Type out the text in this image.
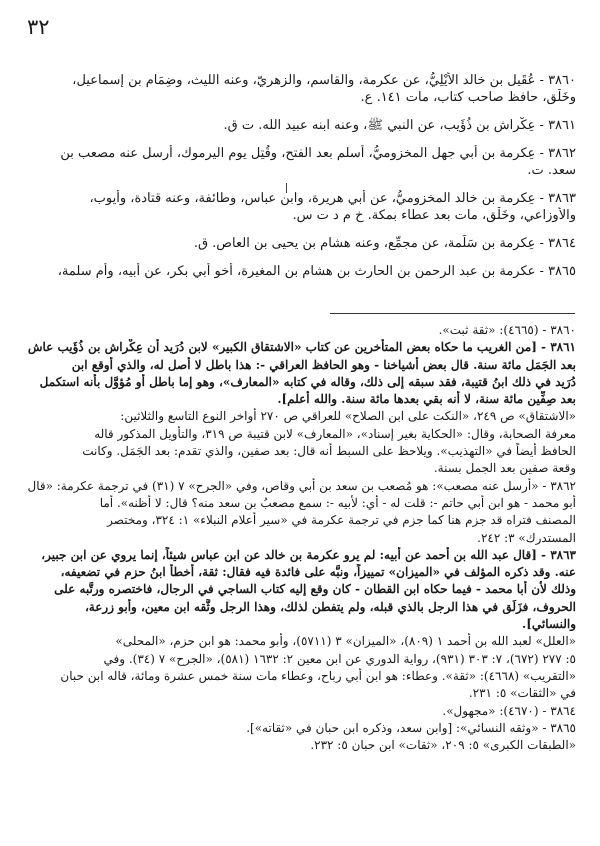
٣٢
٣٨٦٠ - عُقَيل بن خالد الأَيْلِيُّ، عن عكرمة، والقاسم، والزهريّ، وعنه الليث، وضِمَام بن إسماعيل،
وخَلْق، حافظ صاحب كتاب، مات ١٤١. ع.
٣٨٦١ - عِكْراش بن ذُؤَيب، عن النبي ﷺ، وعنه ابنه عبيد الله. ت ق.
٣٨٦٢ - عِكرمة بن أبي جهل المخزوميُّ، أسلم بعد الفتح، وقُتِل يوم اليرموك، أُرسل عنه مصعب بن
سعد. ت.
٣٨٦٣ - عِكرمة بن خالد المخزوميُّ، عن أبي هريرة، وابن عباس، وطائفة، وعنه قتادة، وأيوب،
والأوزاعي، وخَلْق، مات بعد عطاء بمكة. خ م د ت س.
٣٨٦٤ - عِكرمة بن سَلَمة، عن مجمِّع، وعنه هشام بن يحيى بن العاص. ق.
٣٨٦٥ - عكرمة بن عبد الرحمن بن الحارث بن هشام بن المغيرة، أخو أبي بكر، عن أبيه، وأم سلمة،
٣٨٦٠ - (٤٦٦٥): «ثقة ثبت».
٣٨٦١ - [من الغريب ما حكاه بعض المتأخرين عن كتاب «الاشتقاق الكبير» لابن دُرَيد أن عِكْراش بن ذُؤَيب عاش
بعد الجَمَل مائة سنة. قال بعض أشياخنا - وهو الحافظ العراقي -: هذا باطل لا أصل له، والذي أوقع ابن
دُرَيد في ذلك ابنُ قتيبة، فقد سبقه إلى ذلك، وقاله في كتابه «المعارف»، وهو إما باطل أو مُؤوَّل بأنه استكمل
بعد صِفِّين مائة سنة، لا أنه بقي بعدها مائة سنة. والله أعلم].
«الاشتقاق» ص ٢٤٩، «النكت على ابن الصلاح» للعراقي ص ٢٧٠ أواخر النوع التاسع والثلاثين:
معرفة الصحابة، وقال: «الحكاية بغير إسناد»، «المعارف» لابن قتيبة ص ٣١٩، والتأويل المذكور قاله
الحافظ أيضاً في «التهذيب». ويلاحظ على السبط أنه قال: بعد صفين، والذي تقدم: بعد الجَمَل. وكانت
وقعة صفين بعد الجمل بسنة.
٣٨٦٢ - «أُرسل عنه مصعب»: هو مُصعب بن سعد بن أبي وقاص، وفي «الجرح» ٧ (٣١) في ترجمة عكرمة: «قال
أبو محمد - هو ابن أبي حاتم -: قلت له - أي: لأبيه -: سمع مصعبُ بن سعد منه؟ قال: لا أظنه». أما
المصنف فتراه قد جزم هنا كما جزم في ترجمة عكرمة في «سير أعلام النبلاء» ١: ٣٢٤، ومختصر
المستدرك» ٣: ٢٤٢.
٣٨٦٣ - [قال عبد الله بن أحمد عن أبيه: لم يرو عكرمة بن خالد عن ابن عباس شيئاً، إنما يروي عن ابن جبير،
عنه. وقد ذكره المؤلف في «الميزان» تمييزاً، ونبَّه على فائدة فيه فقال: ثقة، أخطأ ابنُ حزم في تضعيفه،
وذلك لأن أبا محمد - فيما حكاه ابن القطان - كان وقع إليه كتاب الساجي في الرجال، فاختصره ورتَّبه على
الحروف، فزَلَق في هذا الرجل بالذي قبله، ولم يتفطن لذلك، وهذا الرجل وثَّقه ابن معين، وأبو زرعة،
والنسائي].
«العلل» لعبد الله بن أحمد ١ (٨٠٩)، «الميزان» ٣ (٥٧١١)، وأبو محمد: هو ابن حزم، «المحلى»
٥: ٢٧٧ (٦٧٢)، ٧: ٣٠٣ (٩٣١)، رواية الدوري عن ابن معين ٢: ١٦٣٢ (٥٨١)، «الجرح» ٧ (٣٤). وفي
«التقريب» (٤٦٦٨): «ثقة». وعطاء: هو ابن أبي رباح، وعطاء مات سنة خمس عشرة ومائة، قاله ابن حبان
في «الثقات» ٥: ٢٣١.
٣٨٦٤ - (٤٦٧٠): «مجهول».
٣٨٦٥ - «وثقه النسائي»: [وابن سعد، وذكره ابن حبان في «ثقاته»].
«الطبقات الكبرى» ٥: ٢٠٩، «ثقات» ابن حبان ٥: ٢٣٢.
